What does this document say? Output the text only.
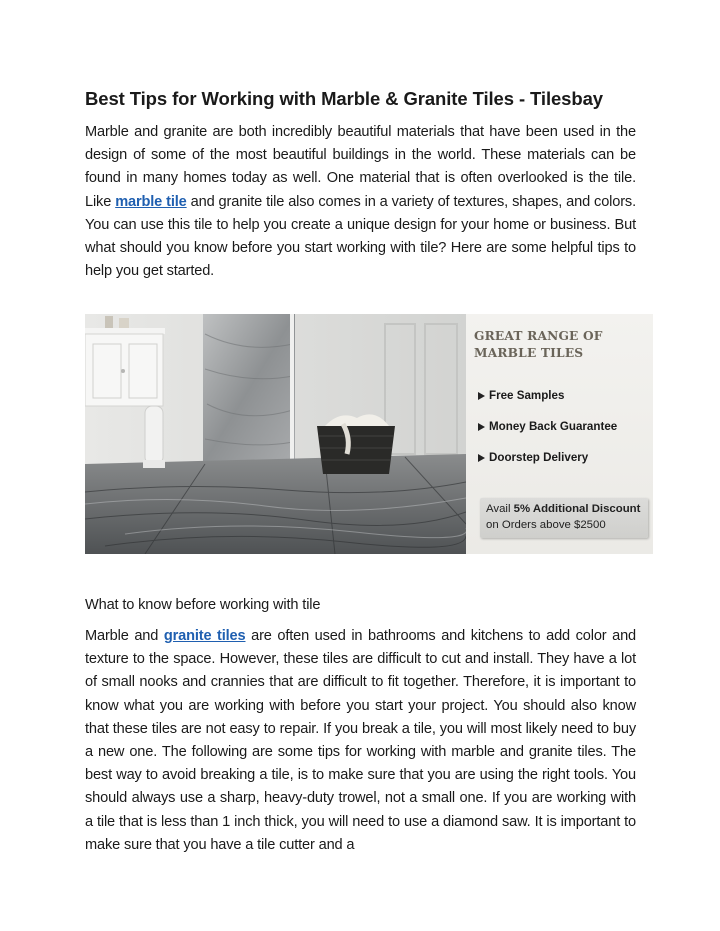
Best Tips for Working with Marble & Granite Tiles - Tilesbay

Marble and granite are both incredibly beautiful materials that have been used in the design of some of the most beautiful buildings in the world. These materials can be found in many homes today as well. One material that is often overlooked is the tile. Like marble tile and granite tile also comes in a variety of textures, shapes, and colors. You can use this tile to help you create a unique design for your home or business. But what should you know before you start working with tile? Here are some helpful tips to help you get started.

GREAT RANGE OF MARBLE TILES
Free Samples
Money Back Guarantee
Doorstep Delivery
Avail 5% Additional Discount
on Orders above $2500
What to know before working with tile

Marble and granite tiles are often used in bathrooms and kitchens to add color and texture to the space. However, these tiles are difficult to cut and install. They have a lot of small nooks and crannies that are difficult to fit together. Therefore, it is important to know what you are working with before you start your project. You should also know that these tiles are not easy to repair. If you break a tile, you will most likely need to buy a new one. The following are some tips for working with marble and granite tiles. The best way to avoid breaking a tile, is to make sure that you are using the right tools. You should always use a sharp, heavy-duty trowel, not a small one. If you are working with a tile that is less than 1 inch thick, you will need to use a diamond saw. It is important to make sure that you have a tile cutter and a
